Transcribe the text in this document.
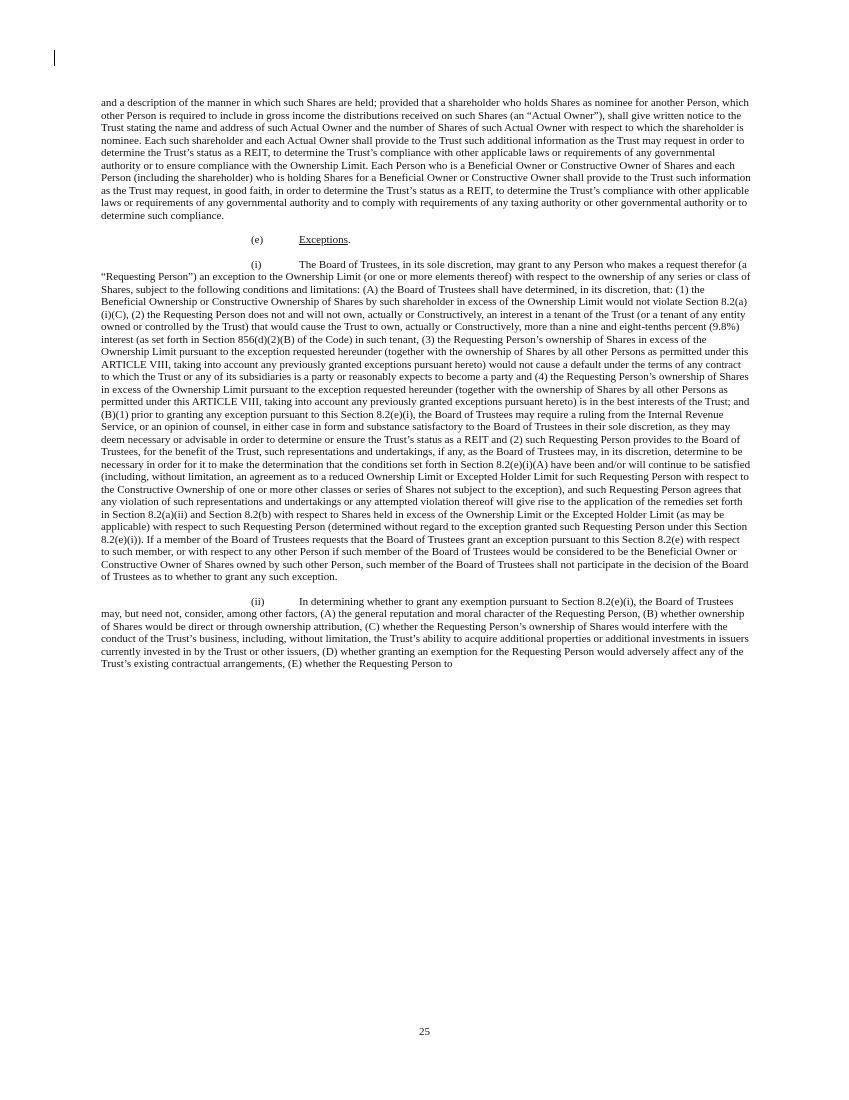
and a description of the manner in which such Shares are held; provided that a shareholder who holds Shares as nominee for another Person, which other Person is required to include in gross income the distributions received on such Shares (an “Actual Owner”), shall give written notice to the Trust stating the name and address of such Actual Owner and the number of Shares of such Actual Owner with respect to which the shareholder is nominee. Each such shareholder and each Actual Owner shall provide to the Trust such additional information as the Trust may request in order to determine the Trust’s status as a REIT, to determine the Trust’s compliance with other applicable laws or requirements of any governmental authority or to ensure compliance with the Ownership Limit. Each Person who is a Beneficial Owner or Constructive Owner of Shares and each Person (including the shareholder) who is holding Shares for a Beneficial Owner or Constructive Owner shall provide to the Trust such information as the Trust may request, in good faith, in order to determine the Trust’s status as a REIT, to determine the Trust’s compliance with other applicable laws or requirements of any governmental authority and to comply with requirements of any taxing authority or other governmental authority or to determine such compliance.

(e)	Exceptions.

(i)	The Board of Trustees, in its sole discretion, may grant to any Person who makes a request therefor (a “Requesting Person”) an exception to the Ownership Limit (or one or more elements thereof) with respect to the ownership of any series or class of Shares, subject to the following conditions and limitations: (A) the Board of Trustees shall have determined, in its discretion, that: (1) the Beneficial Ownership or Constructive Ownership of Shares by such shareholder in excess of the Ownership Limit would not violate Section 8.2(a)(i)(C), (2) the Requesting Person does not and will not own, actually or Constructively, an interest in a tenant of the Trust (or a tenant of any entity owned or controlled by the Trust) that would cause the Trust to own, actually or Constructively, more than a nine and eight-tenths percent (9.8%) interest (as set forth in Section 856(d)(2)(B) of the Code) in such tenant, (3) the Requesting Person’s ownership of Shares in excess of the Ownership Limit pursuant to the exception requested hereunder (together with the ownership of Shares by all other Persons as permitted under this ARTICLE VIII, taking into account any previously granted exceptions pursuant hereto) would not cause a default under the terms of any contract to which the Trust or any of its subsidiaries is a party or reasonably expects to become a party and (4) the Requesting Person’s ownership of Shares in excess of the Ownership Limit pursuant to the exception requested hereunder (together with the ownership of Shares by all other Persons as permitted under this ARTICLE VIII, taking into account any previously granted exceptions pursuant hereto) is in the best interests of the Trust; and (B)(1) prior to granting any exception pursuant to this Section 8.2(e)(i), the Board of Trustees may require a ruling from the Internal Revenue Service, or an opinion of counsel, in either case in form and substance satisfactory to the Board of Trustees in their sole discretion, as they may deem necessary or advisable in order to determine or ensure the Trust’s status as a REIT and (2) such Requesting Person provides to the Board of Trustees, for the benefit of the Trust, such representations and undertakings, if any, as the Board of Trustees may, in its discretion, determine to be necessary in order for it to make the determination that the conditions set forth in Section 8.2(e)(i)(A) have been and/or will continue to be satisfied (including, without limitation, an agreement as to a reduced Ownership Limit or Excepted Holder Limit for such Requesting Person with respect to the Constructive Ownership of one or more other classes or series of Shares not subject to the exception), and such Requesting Person agrees that any violation of such representations and undertakings or any attempted violation thereof will give rise to the application of the remedies set forth in Section 8.2(a)(ii) and Section 8.2(b) with respect to Shares held in excess of the Ownership Limit or the Excepted Holder Limit (as may be applicable) with respect to such Requesting Person (determined without regard to the exception granted such Requesting Person under this Section 8.2(e)(i)). If a member of the Board of Trustees requests that the Board of Trustees grant an exception pursuant to this Section 8.2(e) with respect to such member, or with respect to any other Person if such member of the Board of Trustees would be considered to be the Beneficial Owner or Constructive Owner of Shares owned by such other Person, such member of the Board of Trustees shall not participate in the decision of the Board of Trustees as to whether to grant any such exception.

(ii)	In determining whether to grant any exemption pursuant to Section 8.2(e)(i), the Board of Trustees may, but need not, consider, among other factors, (A) the general reputation and moral character of the Requesting Person, (B) whether ownership of Shares would be direct or through ownership attribution, (C) whether the Requesting Person’s ownership of Shares would interfere with the conduct of the Trust’s business, including, without limitation, the Trust’s ability to acquire additional properties or additional investments in issuers currently invested in by the Trust or other issuers, (D) whether granting an exemption for the Requesting Person would adversely affect any of the Trust’s existing contractual arrangements, (E) whether the Requesting Person to

25
